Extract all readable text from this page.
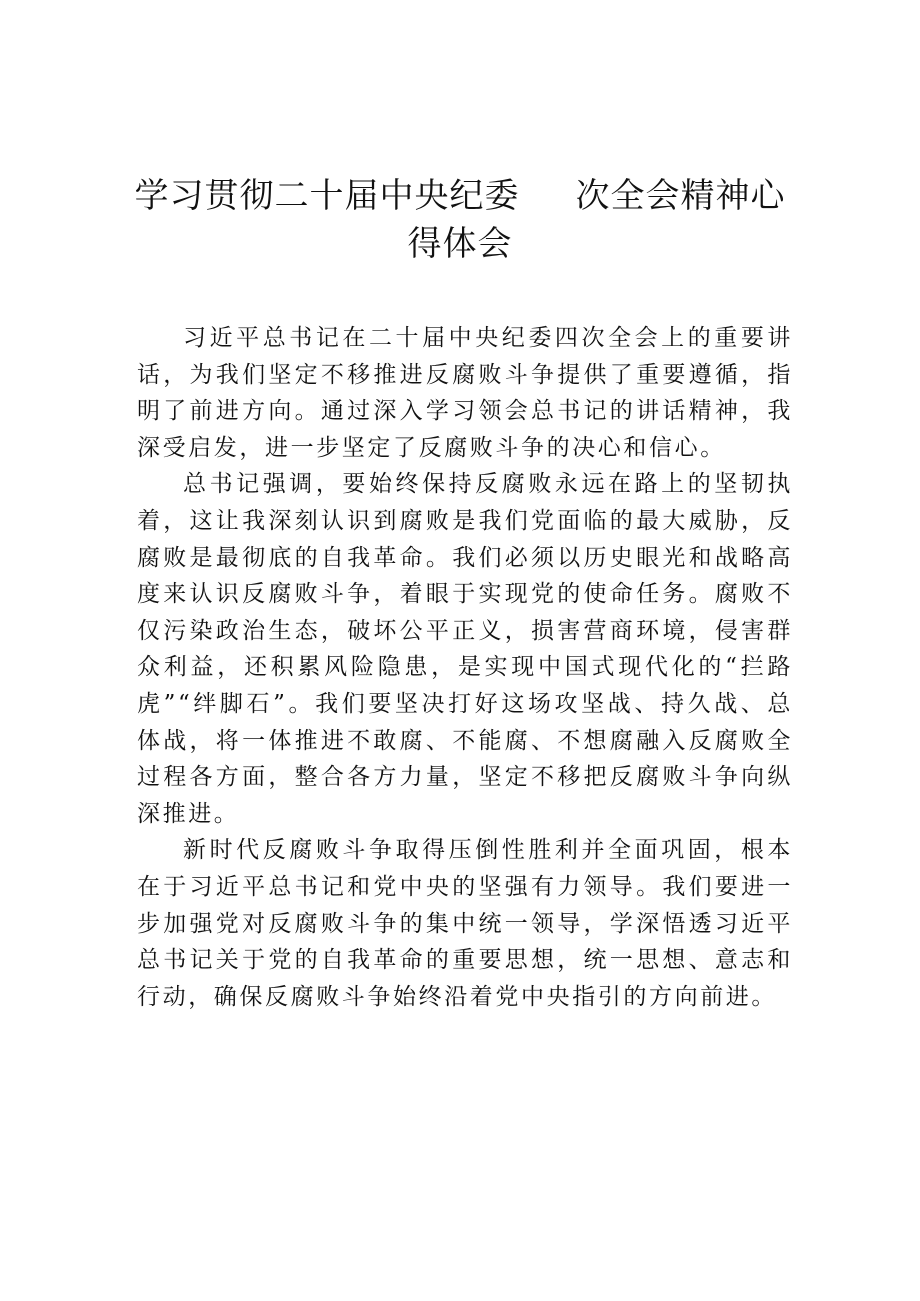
学习贯彻二十届中央纪委 次全会精神心
得体会

习近平总书记在二十届中央纪委四次全会上的重要讲话，为我们坚定不移推进反腐败斗争提供了重要遵循，指明了前进方向。通过深入学习领会总书记的讲话精神，我深受启发，进一步坚定了反腐败斗争的决心和信心。

总书记强调，要始终保持反腐败永远在路上的坚韧执着，这让我深刻认识到腐败是我们党面临的最大威胁，反腐败是最彻底的自我革命。我们必须以历史眼光和战略高度来认识反腐败斗争，着眼于实现党的使命任务。腐败不仅污染政治生态，破坏公平正义，损害营商环境，侵害群众利益，还积累风险隐患，是实现中国式现代化的“拦路虎”“绊脚石”。我们要坚决打好这场攻坚战、持久战、总体战，将一体推进不敢腐、不能腐、不想腐融入反腐败全过程各方面，整合各方力量，坚定不移把反腐败斗争向纵深推进。

新时代反腐败斗争取得压倒性胜利并全面巩固，根本在于习近平总书记和党中央的坚强有力领导。我们要进一步加强党对反腐败斗争的集中统一领导，学深悟透习近平总书记关于党的自我革命的重要思想，统一思想、意志和行动，确保反腐败斗争始终沿着党中央指引的方向前进。
